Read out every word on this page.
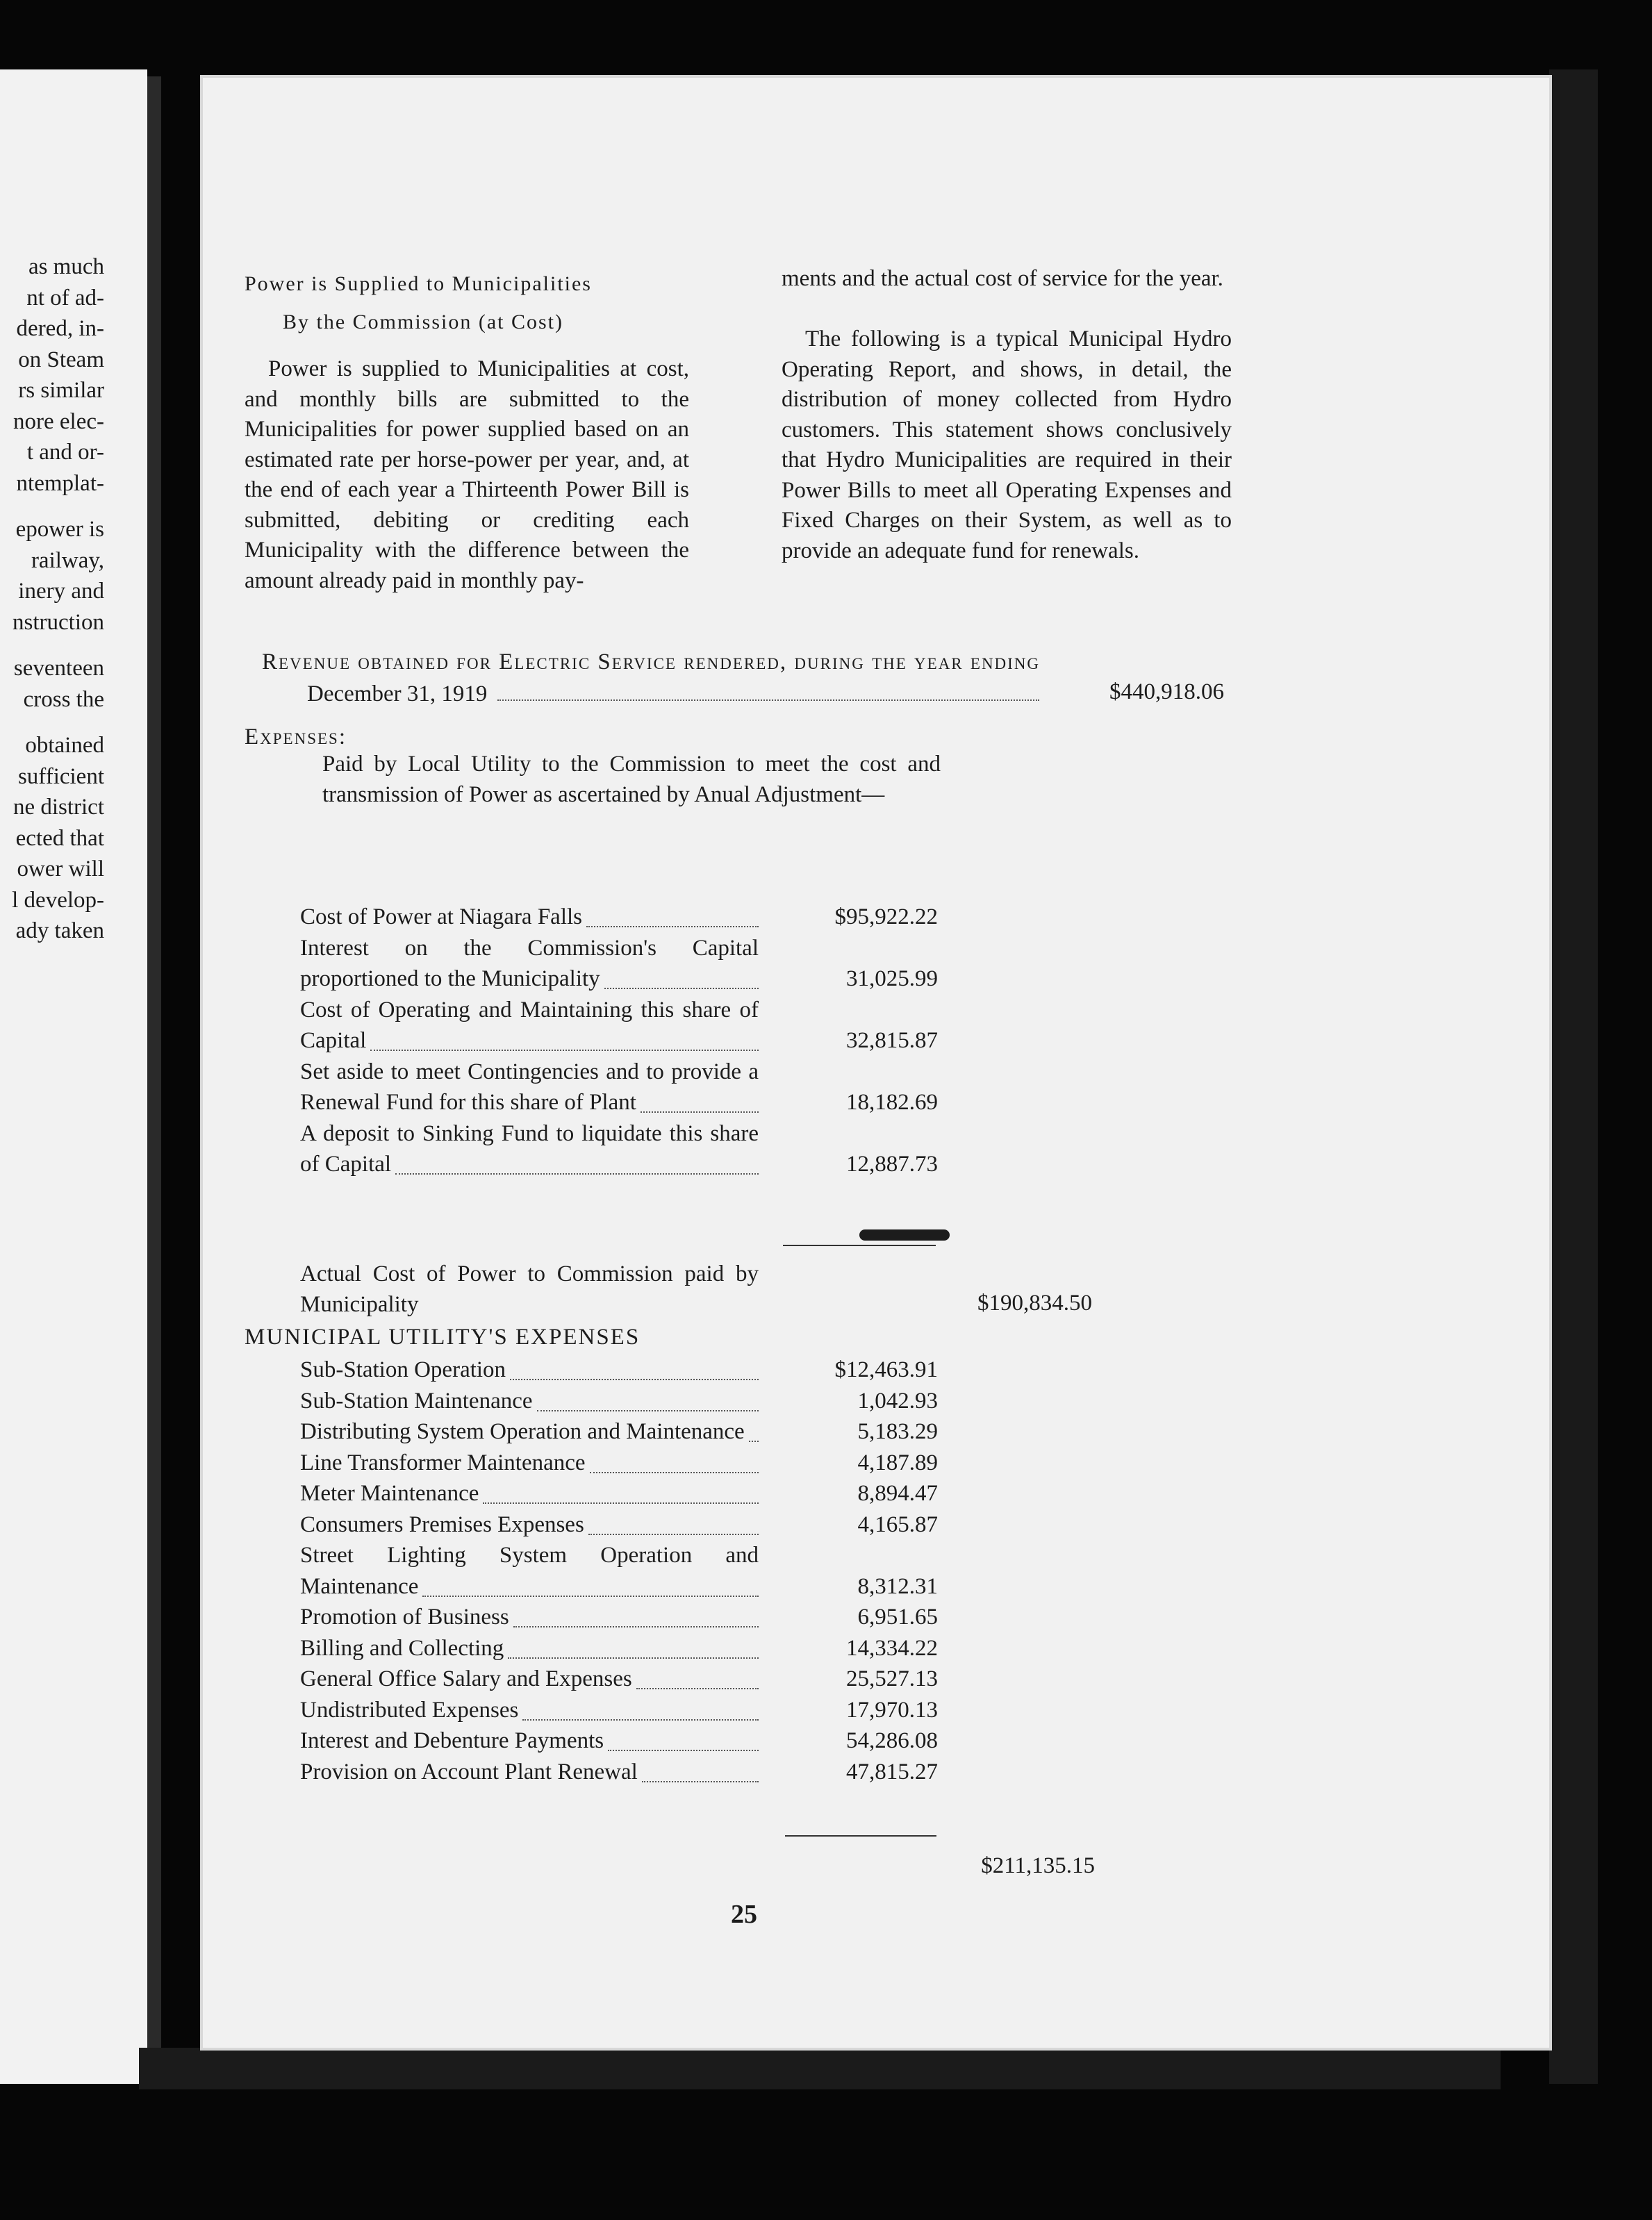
as much
nt of ad-
dered, in-
on Steam
rs similar
nore elec-
t and or-
ntemplat-
epower is
railway,
inery and
nstruction
seventeen
cross the
obtained
sufficient
ne district
ected that
ower will
l develop-
ady taken
Power is Supplied to Municipalities
By the Commission (at Cost)
Power is supplied to Municipalities at cost, and monthly bills are submitted to the Municipalities for power supplied based on an estimated rate per horse-power per year, and, at the end of each year a Thirteenth Power Bill is submitted, debiting or crediting each Municipality with the difference between the amount already paid in monthly pay-
ments and the actual cost of service for the year.
The following is a typical Municipal Hydro Operating Report, and shows, in detail, the distribution of money collected from Hydro customers. This statement shows conclusively that Hydro Municipalities are required in their Power Bills to meet all Operating Expenses and Fixed Charges on their System, as well as to provide an adequate fund for renewals.
Revenue obtained for Electric Service rendered, during the year ending
December 31, 1919	$440,918.06
Expenses:
Paid by Local Utility to the Commission to meet the cost and transmission of Power as ascertained by Anual Adjustment—
Cost of Power at Niagara Falls	$95,922.22
Interest on the Commission's Capital proportioned to the Municipality	31,025.99
Cost of Operating and Maintaining this share of Capital	32,815.87
Set aside to meet Contingencies and to provide a Renewal Fund for this share of Plant	18,182.69
A deposit to Sinking Fund to liquidate this share of Capital	12,887.73
Actual Cost of Power to Commission paid by Municipality	$190,834.50
MUNICIPAL UTILITY'S EXPENSES
Sub-Station Operation	$12,463.91
Sub-Station Maintenance	1,042.93
Distributing System Operation and Maintenance	5,183.29
Line Transformer Maintenance	4,187.89
Meter Maintenance	8,894.47
Consumers Premises Expenses	4,165.87
Street Lighting System Operation and Maintenance	8,312.31
Promotion of Business	6,951.65
Billing and Collecting	14,334.22
General Office Salary and Expenses	25,527.13
Undistributed Expenses	17,970.13
Interest and Debenture Payments	54,286.08
Provision on Account Plant Renewal	47,815.27
$211,135.15
25
